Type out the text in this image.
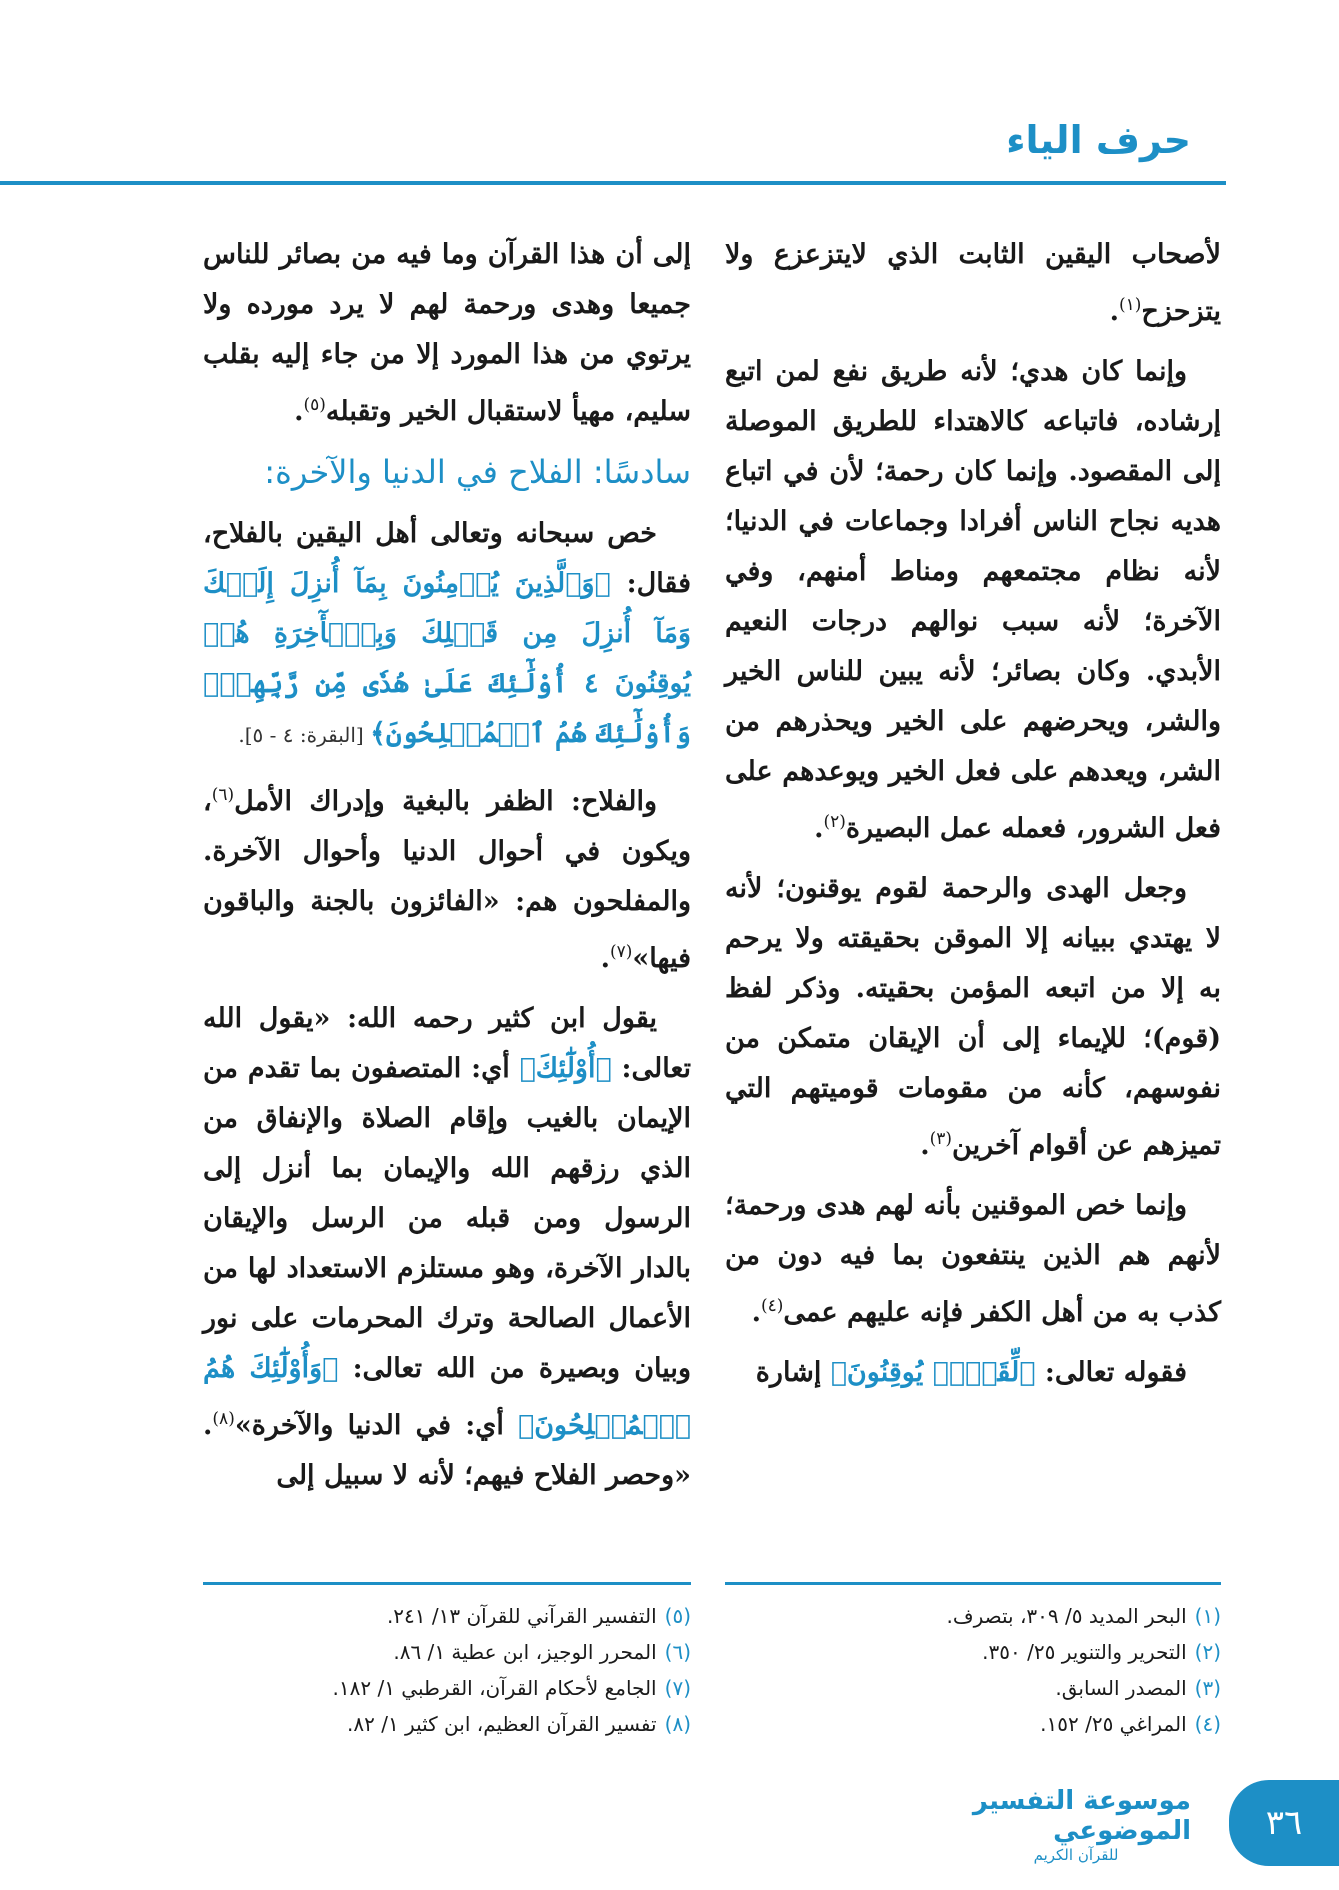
حرف الياء

لأصحاب اليقين الثابت الذي لايتزعزع ولا يتزحزح$^{(١)}$.

وإنما كان هدي؛ لأنه طريق نفع لمن اتبع إرشاده، فاتباعه كالاهتداء للطريق الموصلة إلى المقصود. وإنما كان رحمة؛ لأن في اتباع هديه نجاح الناس أفرادا وجماعات في الدنيا؛ لأنه نظام مجتمعهم ومناط أمنهم، وفي الآخرة؛ لأنه سبب نوالهم درجات النعيم الأبدي. وكان بصائر؛ لأنه يبين للناس الخير والشر، ويحرضهم على الخير ويحذرهم من الشر، ويعدهم على فعل الخير ويوعدهم على فعل الشرور، فعمله عمل البصيرة$^{(٢)}$.

وجعل الهدى والرحمة لقوم يوقنون؛ لأنه لا يهتدي ببيانه إلا الموقن بحقيقته ولا يرحم به إلا من اتبعه المؤمن بحقيته. وذكر لفظ (قوم)؛ للإيماء إلى أن الإيقان متمكن من نفوسهم، كأنه من مقومات قوميتهم التي تميزهم عن أقوام آخرين$^{(٣)}$.

وإنما خص الموقنين بأنه لهم هدى ورحمة؛ لأنهم هم الذين ينتفعون بما فيه دون من كذب به من أهل الكفر فإنه عليهم عمى$^{(٤)}$.

فقوله تعالى: ﴿لِّقَوۡمٖ يُوقِنُونَ﴾ إشارة

إلى أن هذا القرآن وما فيه من بصائر للناس جميعا وهدى ورحمة لهم لا يرد مورده ولا يرتوي من هذا المورد إلا من جاء إليه بقلب سليم، مهيأ لاستقبال الخير وتقبله$^{(٥)}$.

سادسًا: الفلاح في الدنيا والآخرة:

خص سبحانه وتعالى أهل اليقين بالفلاح، فقال: ﴿وَٱلَّذِينَ يُؤۡمِنُونَ بِمَآ أُنزِلَ إِلَيۡكَ وَمَآ أُنزِلَ مِن قَبۡلِكَ وَبِٱلۡأٓخِرَةِ هُمۡ يُوقِنُونَ ٤ أُوْلَٰٓئِكَ عَلَىٰ هُدٗى مِّن رَّبِّهِمۡۖ وَأُوْلَٰٓئِكَ هُمُ ٱلۡمُفۡلِحُونَ﴾ [البقرة: ٤ - ٥].

والفلاح: الظفر بالبغية وإدراك الأمل$^{(٦)}$، ويكون في أحوال الدنيا وأحوال الآخرة. والمفلحون هم: «الفائزون بالجنة والباقون فيها»$^{(٧)}$.

يقول ابن كثير رحمه الله: «يقول الله تعالى: ﴿أُوْلَٰٓئِكَ﴾ أي: المتصفون بما تقدم من الإيمان بالغيب وإقام الصلاة والإنفاق من الذي رزقهم الله والإيمان بما أنزل إلى الرسول ومن قبله من الرسل والإيقان بالدار الآخرة، وهو مستلزم الاستعداد لها من الأعمال الصالحة وترك المحرمات على نور وبيان وبصيرة من الله تعالى: ﴿وَأُوْلَٰٓئِكَ هُمُ ٱلۡمُفۡلِحُونَ﴾ أي: في الدنيا والآخرة»$^{(٨)}$. «وحصر الفلاح فيهم؛ لأنه لا سبيل إلى

(١)البحر المديد ٥/ ٣٠٩، بتصرف.
(٢)التحرير والتنوير ٢٥/ ٣٥٠.
(٣)المصدر السابق.
(٤)المراغي ٢٥/ ١٥٢.
(٥)التفسير القرآني للقرآن ١٣/ ٢٤١.
(٦)المحرر الوجيز، ابن عطية ١/ ٨٦.
(٧)الجامع لأحكام القرآن، القرطبي ١/ ١٨٢.
(٨)تفسير القرآن العظيم، ابن كثير ١/ ٨٢.
موسوعة التفسير الموضوعي
للقرآن الكريم
٣٦
